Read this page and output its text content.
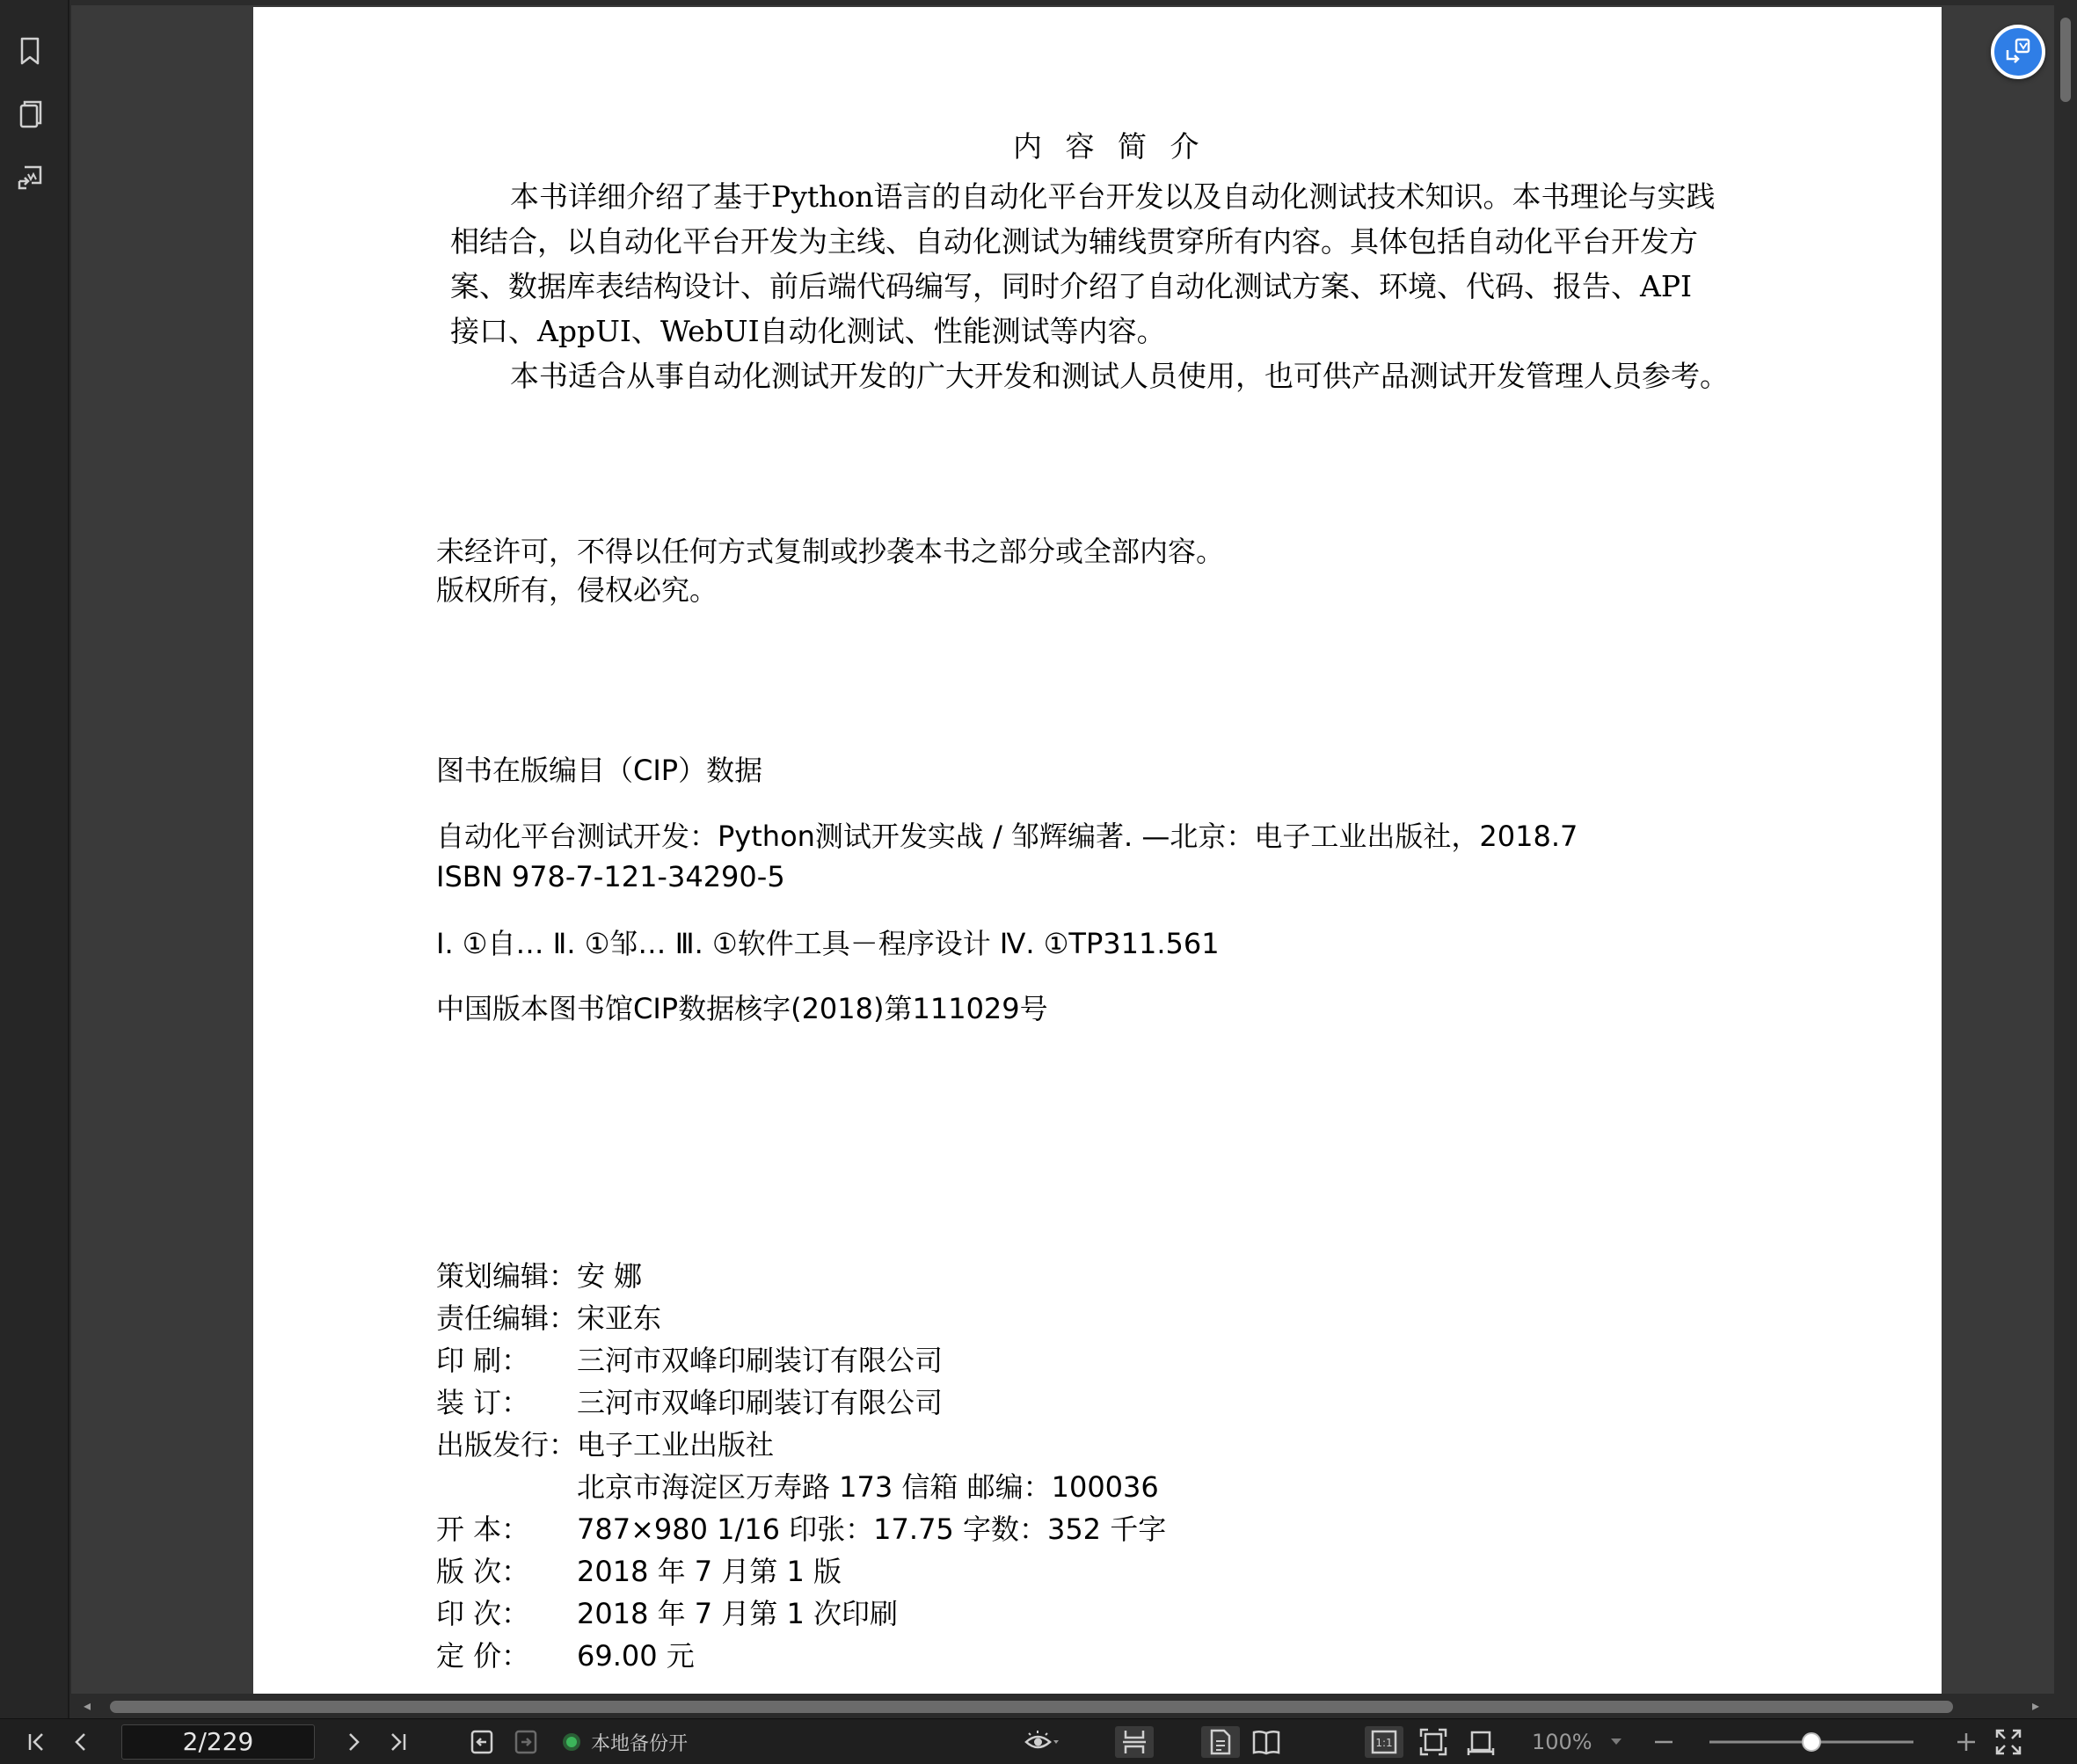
内 容 简 介
本书详细介绍了基于Python语言的自动化平台开发以及自动化测试技术知识。本书理论与实践
相结合，以自动化平台开发为主线、自动化测试为辅线贯穿所有内容。具体包括自动化平台开发方
案、数据库表结构设计、前后端代码编写，同时介绍了自动化测试方案、环境、代码、报告、API
接口、AppUI、WebUI自动化测试、性能测试等内容。
本书适合从事自动化测试开发的广大开发和测试人员使用，也可供产品测试开发管理人员参考。
未经许可，不得以任何方式复制或抄袭本书之部分或全部内容。
版权所有，侵权必究。
图书在版编目（CIP）数据
自动化平台测试开发：Python测试开发实战 / 邹辉编著. —北京：电子工业出版社，2018.7
ISBN 978-7-121-34290-5
Ⅰ. ①自… Ⅱ. ①邹… Ⅲ. ①软件工具－程序设计 Ⅳ. ①TP311.561
中国版本图书馆CIP数据核字(2018)第111029号
策划编辑： 安 娜
责任编辑： 宋亚东
印 刷： 三河市双峰印刷装订有限公司
装 订： 三河市双峰印刷装订有限公司
出版发行： 电子工业出版社
北京市海淀区万寿路 173 信箱 邮编：100036
开 本： 787×980 1/16 印张：17.75 字数：352 千字
版 次： 2018 年 7 月第 1 版
印 次： 2018 年 7 月第 1 次印刷
定 价： 69.00 元
◂	▸
2/229	本地备份开	1:1	100%
